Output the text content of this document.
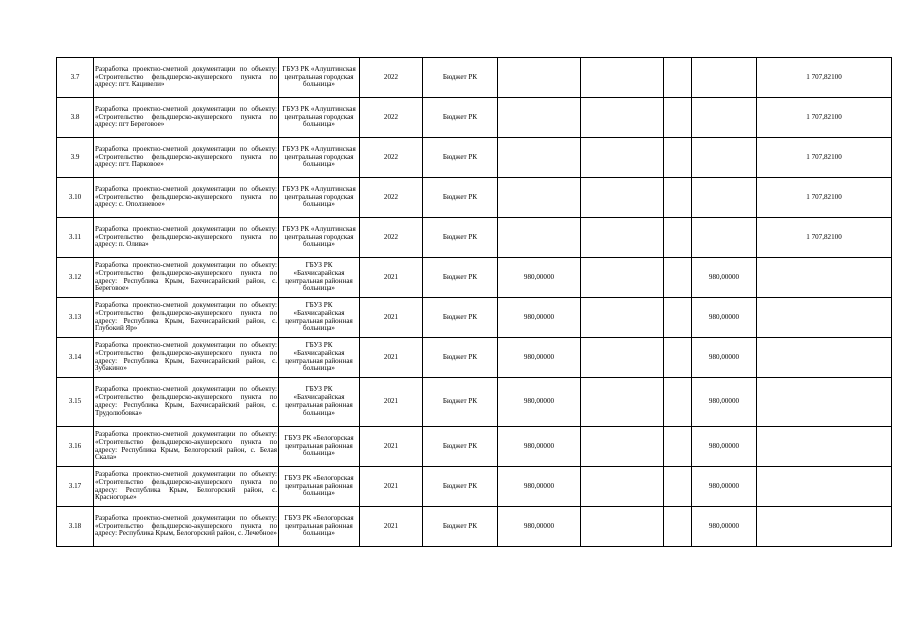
3.7	Разработка проектно-сметной документации по объекту: «Строительство фельдшерско-акушерского пункта по адресу: пгт. Кацивели»	ГБУЗ РК «Алуштинская центральная городская больница»	2022	Бюджет РК					1 707,82100
3.8	Разработка проектно-сметной документации по объекту: «Строительство фельдшерско-акушерского пункта по адресу: пгт Береговое»	ГБУЗ РК «Алуштинская центральная городская больница»	2022	Бюджет РК					1 707,82100
3.9	Разработка проектно-сметной документации по объекту: «Строительство фельдшерско-акушерского пункта по адресу: пгт. Парковое»	ГБУЗ РК «Алуштинская центральная городская больница»	2022	Бюджет РК					1 707,82100
3.10	Разработка проектно-сметной документации по объекту: «Строительство фельдшерско-акушерского пункта по адресу: с. Оползневое»	ГБУЗ РК «Алуштинская центральная городская больница»	2022	Бюджет РК					1 707,82100
3.11	Разработка проектно-сметной документации по объекту: «Строительство фельдшерско-акушерского пункта по адресу: п. Олива»	ГБУЗ РК «Алуштинская центральная городская больница»	2022	Бюджет РК					1 707,82100
3.12	Разработка проектно-сметной документации по объекту: «Строительство фельдшерско-акушерского пункта по адресу: Республика Крым, Бахчисарайский район, с. Береговое»	ГБУЗ РК «Бахчисарайская центральная районная больница»	2021	Бюджет РК	980,00000			980,00000	
3.13	Разработка проектно-сметной документации по объекту: «Строительство фельдшерско-акушерского пункта по адресу: Республика Крым, Бахчисарайский район, с. Глубокий Яр»	ГБУЗ РК «Бахчисарайская центральная районная больница»	2021	Бюджет РК	980,00000			980,00000	
3.14	Разработка проектно-сметной документации по объекту: «Строительство фельдшерско-акушерского пункта по адресу: Республика Крым, Бахчисарайский район, с. Зубакино»	ГБУЗ РК «Бахчисарайская центральная районная больница»	2021	Бюджет РК	980,00000			980,00000	
3.15	Разработка проектно-сметной документации по объекту: «Строительство фельдшерско-акушерского пункта по адресу: Республика Крым, Бахчисарайский район, с. Трудолюбовка»	ГБУЗ РК «Бахчисарайская центральная районная больница»	2021	Бюджет РК	980,00000			980,00000	
3.16	Разработка проектно-сметной документации по объекту: «Строительство фельдшерско-акушерского пункта по адресу: Республика Крым, Белогорский район, с. Белая Скала»	ГБУЗ РК «Белогорская центральная районная больница»	2021	Бюджет РК	980,00000			980,00000	
3.17	Разработка проектно-сметной документации по объекту: «Строительство фельдшерско-акушерского пункта по адресу: Республика Крым, Белогорский район, с. Красногорье»	ГБУЗ РК «Белогорская центральная районная больница»	2021	Бюджет РК	980,00000			980,00000	
3.18	Разработка проектно-сметной документации по объекту: «Строительство фельдшерско-акушерского пункта по адресу: Республика Крым, Белогорский район, с. Лечебное»	ГБУЗ РК «Белогорская центральная районная больница»	2021	Бюджет РК	980,00000			980,00000	
